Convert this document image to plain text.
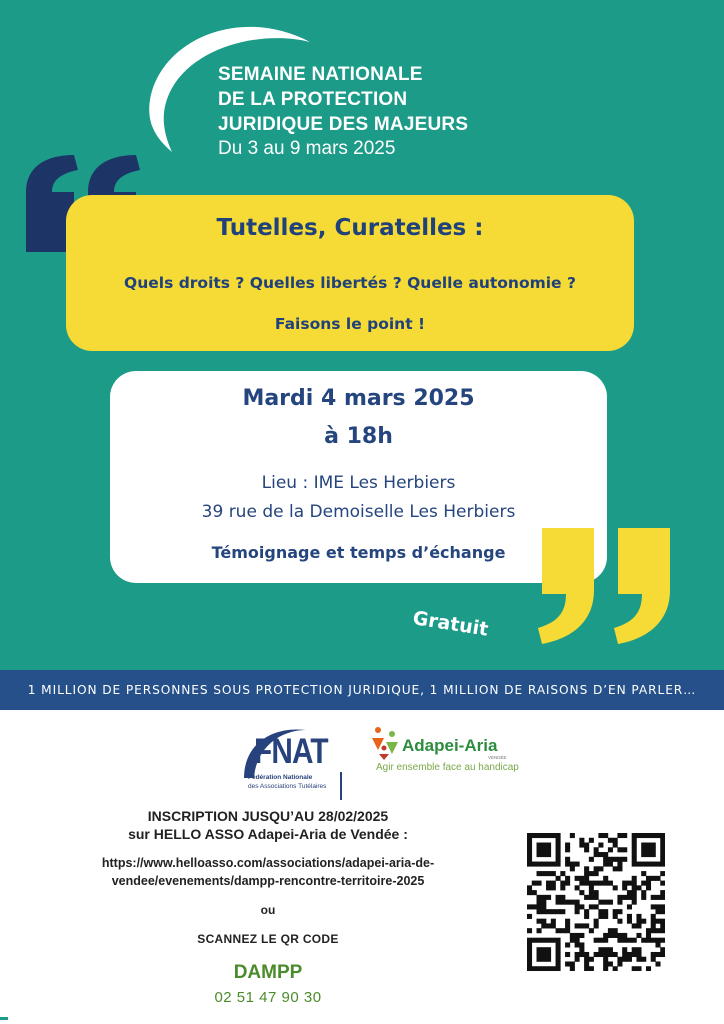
SEMAINE NATIONALE
DE LA PROTECTION
JURIDIQUE DES MAJEURS
Du 3 au 9 mars 2025
Tutelles, Curatelles :
Quels droits ? Quelles libertés ? Quelle autonomie ?
Faisons le point !
Mardi 4 mars 2025
à 18h
Lieu : IME Les Herbiers
39 rue de la Demoiselle Les Herbiers
Témoignage et temps d’échange
Gratuit
1 MILLION DE PERSONNES SOUS PROTECTION JURIDIQUE, 1 MILLION DE RAISONS D’EN PARLER…
FNAT
Fédération Nationale
des Associations Tutélaires
Adapei-Aria
VENDÉE
Agir ensemble face au handicap
INSCRIPTION JUSQU’AU 28/02/2025
sur HELLO ASSO Adapei-Aria de Vendée :
https://www.helloasso.com/associations/adapei-aria-de-
vendee/evenements/dampp-rencontre-territoire-2025
ou
SCANNEZ LE QR CODE
DAMPP
02 51 47 90 30
